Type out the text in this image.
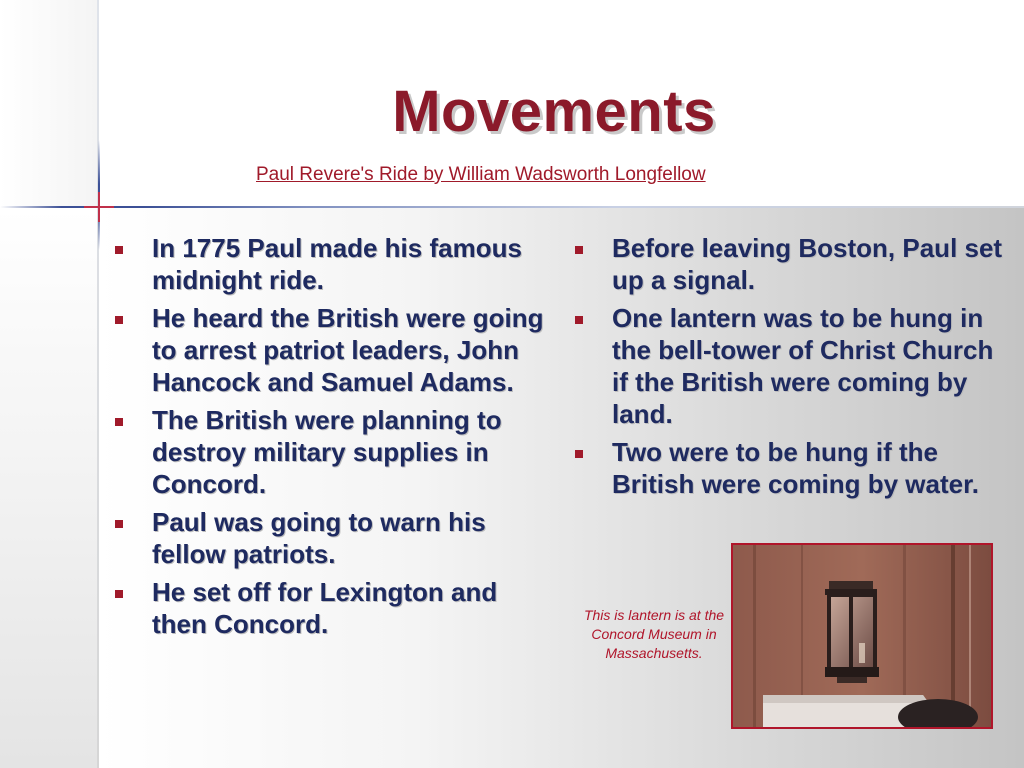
Movements
Paul Revere's Ride by William Wadsworth Longfellow
In 1775 Paul made his famous midnight ride.
He heard the British were going to arrest patriot leaders, John Hancock and Samuel Adams.
The British were planning to destroy military supplies in Concord.
Paul was going to warn his fellow patriots.
He set off for Lexington and then Concord.
Before leaving Boston, Paul set up a signal.
One lantern was to be hung in the bell-tower of Christ Church if the British were coming by land.
Two were to be hung if the British were coming by water.
This is lantern is at the Concord Museum in Massachusetts.
